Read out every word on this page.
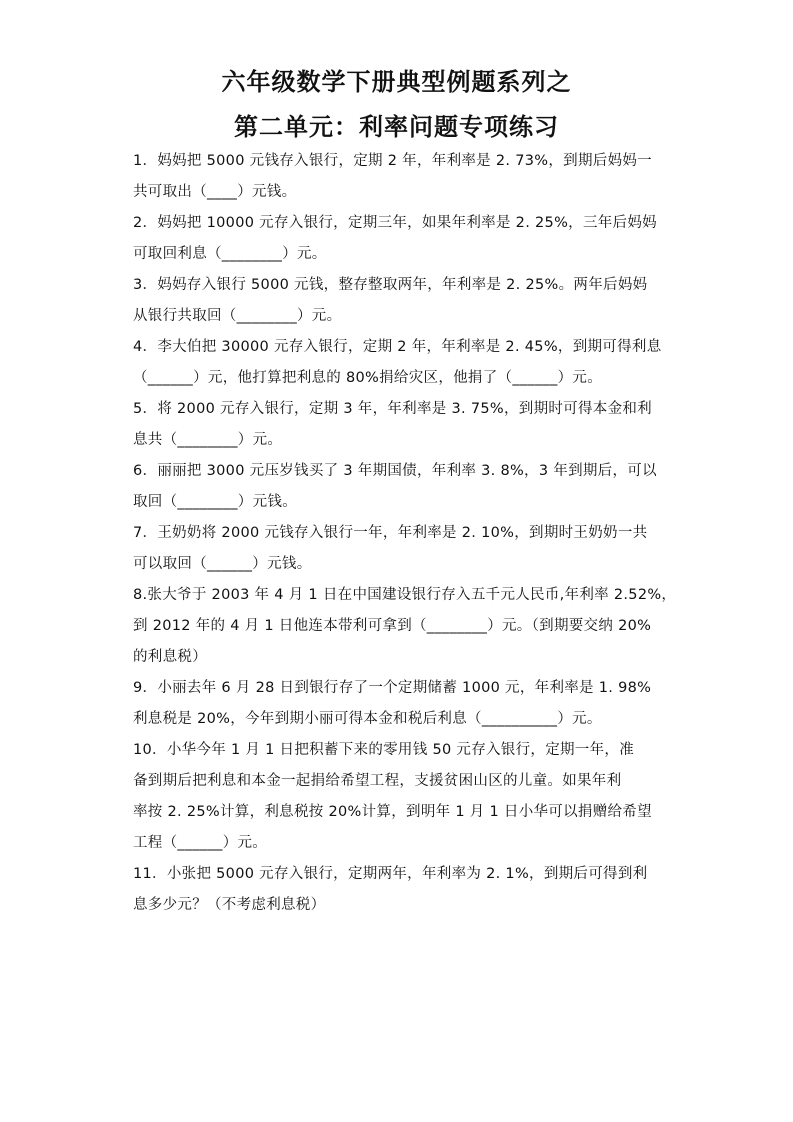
六年级数学下册典型例题系列之
第二单元：利率问题专项练习
1．妈妈把 5000 元钱存入银行，定期 2 年，年利率是 2. 73%，到期后妈妈一
共可取出（____）元钱。
2．妈妈把 10000 元存入银行，定期三年，如果年利率是 2. 25%，三年后妈妈
可取回利息（________）元。
3．妈妈存入银行 5000 元钱，整存整取两年，年利率是 2. 25%。两年后妈妈
从银行共取回（________）元。
4．李大伯把 30000 元存入银行，定期 2 年，年利率是 2. 45%，到期可得利息
（______）元，他打算把利息的 80%捐给灾区，他捐了（______）元。
5．将 2000 元存入银行，定期 3 年，年利率是 3. 75%，到期时可得本金和利
息共（________）元。
6．丽丽把 3000 元压岁钱买了 3 年期国债，年利率 3. 8%，3 年到期后，可以
取回（________）元钱。
7．王奶奶将 2000 元钱存入银行一年，年利率是 2. 10%，到期时王奶奶一共
可以取回（______）元钱。
8.张大爷于 2003 年 4 月 1 日在中国建设银行存入五千元人民币,年利率 2.52%，
到 2012 年的 4 月 1 日他连本带利可拿到（________）元。（到期要交纳 20%
的利息税）
9．小丽去年 6 月 28 日到银行存了一个定期储蓄 1000 元，年利率是 1. 98%
利息税是 20%，今年到期小丽可得本金和税后利息（__________）元。
10．小华今年 1 月 1 日把积蓄下来的零用钱 50 元存入银行，定期一年，准
备到期后把利息和本金一起捐给希望工程，支援贫困山区的儿童。如果年利
率按 2. 25%计算，利息税按 20%计算，到明年 1 月 1 日小华可以捐赠给希望
工程（______）元。
11．小张把 5000 元存入银行，定期两年，年利率为 2. 1%，到期后可得到利
息多少元？（不考虑利息税）
